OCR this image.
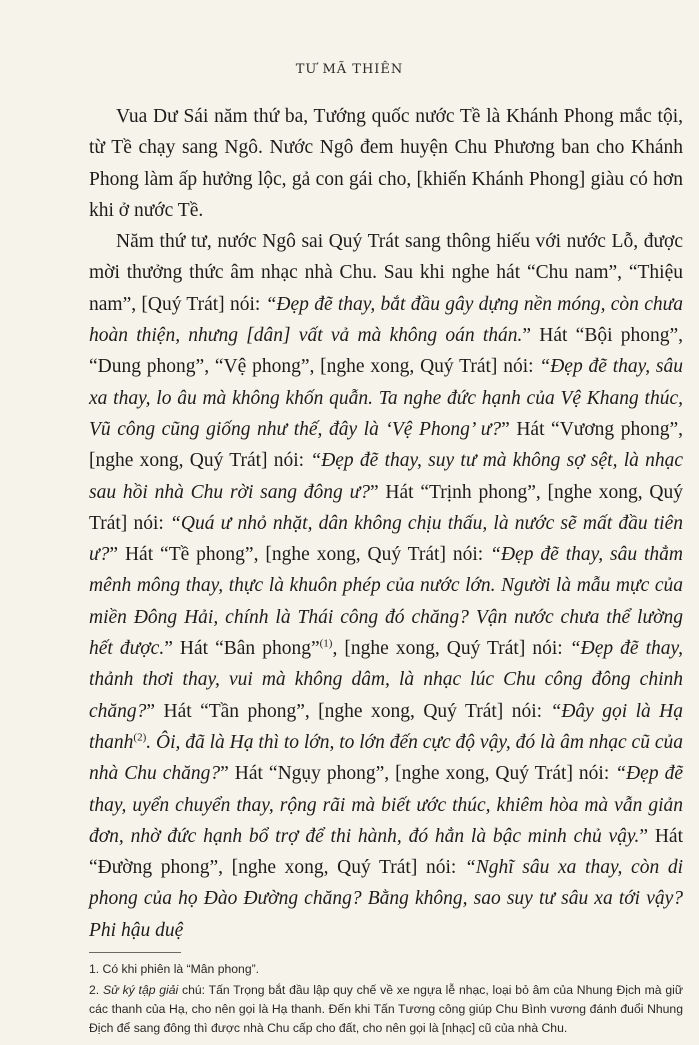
TƯ MÃ THIÊN

Vua Dư Sái năm thứ ba, Tướng quốc nước Tề là Khánh Phong mắc tội, từ Tề chạy sang Ngô. Nước Ngô đem huyện Chu Phương ban cho Khánh Phong làm ấp hưởng lộc, gả con gái cho, [khiến Khánh Phong] giàu có hơn khi ở nước Tề.

Năm thứ tư, nước Ngô sai Quý Trát sang thông hiếu với nước Lỗ, được mời thưởng thức âm nhạc nhà Chu. Sau khi nghe hát “Chu nam”, “Thiệu nam”, [Quý Trát] nói: “Đẹp đẽ thay, bắt đầu gây dựng nền móng, còn chưa hoàn thiện, nhưng [dân] vất vả mà không oán thán.” Hát “Bội phong”, “Dung phong”, “Vệ phong”, [nghe xong, Quý Trát] nói: “Đẹp đẽ thay, sâu xa thay, lo âu mà không khốn quẫn. Ta nghe đức hạnh của Vệ Khang thúc, Vũ công cũng giống như thế, đây là ‘Vệ Phong’ ư?” Hát “Vương phong”, [nghe xong, Quý Trát] nói: “Đẹp đẽ thay, suy tư mà không sợ sệt, là nhạc sau hồi nhà Chu rời sang đông ư?” Hát “Trịnh phong”, [nghe xong, Quý Trát] nói: “Quá ư nhỏ nhặt, dân không chịu thấu, là nước sẽ mất đầu tiên ư?” Hát “Tề phong”, [nghe xong, Quý Trát] nói: “Đẹp đẽ thay, sâu thẳm mênh mông thay, thực là khuôn phép của nước lớn. Người là mẫu mực của miền Đông Hải, chính là Thái công đó chăng? Vận nước chưa thể lường hết được.” Hát “Bân phong”$^{(1)}$, [nghe xong, Quý Trát] nói: “Đẹp đẽ thay, thảnh thơi thay, vui mà không dâm, là nhạc lúc Chu công đông chinh chăng?” Hát “Tần phong”, [nghe xong, Quý Trát] nói: “Đây gọi là Hạ thanh$^{(2)}$. Ôi, đã là Hạ thì to lớn, to lớn đến cực độ vậy, đó là âm nhạc cũ của nhà Chu chăng?” Hát “Ngụy phong”, [nghe xong, Quý Trát] nói: “Đẹp đẽ thay, uyển chuyển thay, rộng rãi mà biết ước thúc, khiêm hòa mà vẫn giản đơn, nhờ đức hạnh bổ trợ để thi hành, đó hẳn là bậc minh chủ vậy.” Hát “Đường phong”, [nghe xong, Quý Trát] nói: “Nghĩ sâu xa thay, còn di phong của họ Đào Đường chăng? Bằng không, sao suy tư sâu xa tới vậy? Phi hậu duệ

1. Có khi phiên là “Mân phong”.

2. Sử ký tập giải chú: Tấn Trọng bắt đầu lập quy chế về xe ngựa lễ nhạc, loại bỏ âm của Nhung Địch mà giữ các thanh của Hạ, cho nên gọi là Hạ thanh. Đến khi Tấn Tương công giúp Chu Bình vương đánh đuổi Nhung Địch để sang đông thì được nhà Chu cấp cho đất, cho nên gọi là [nhạc] cũ của nhà Chu.
